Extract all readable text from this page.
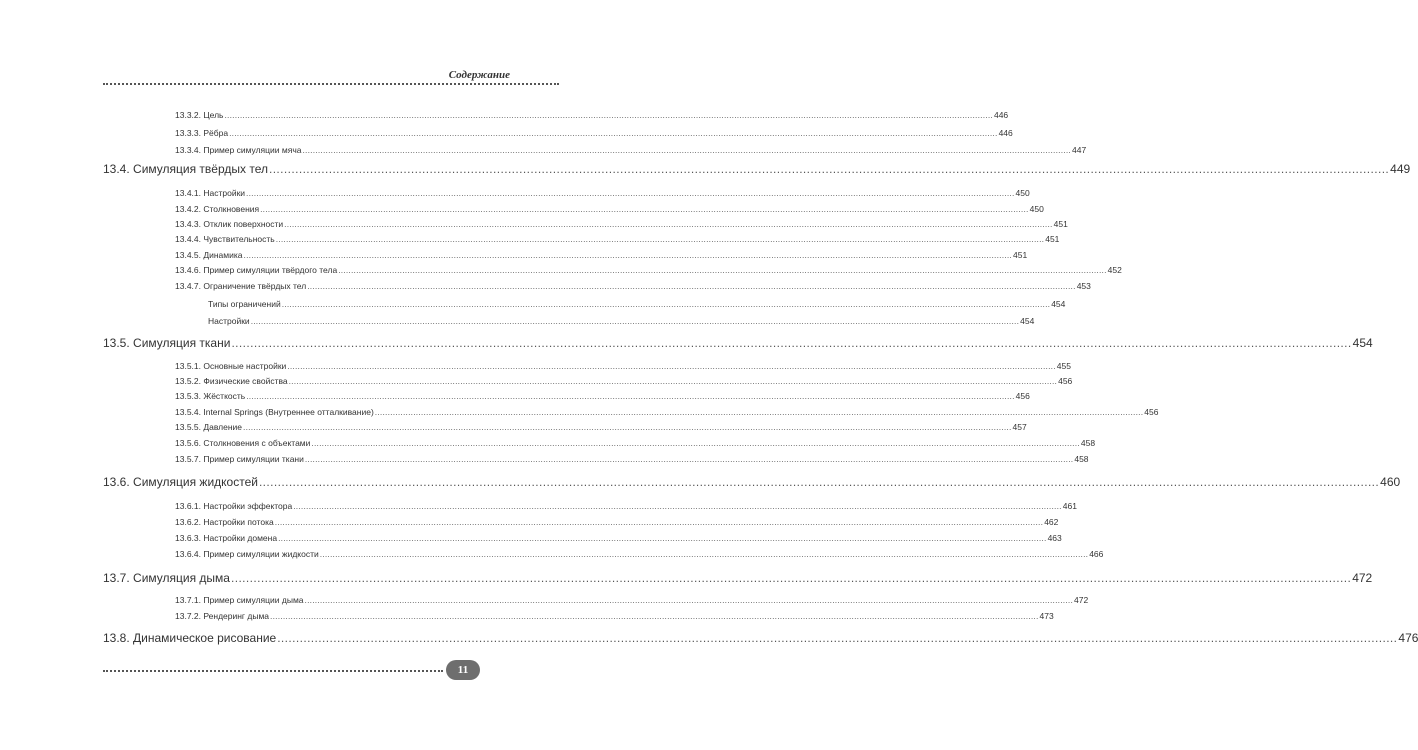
Содержание
13.3.2. Цель ............................................................................................................................................................................................................................................................................................................ 446
13.3.3. Рёбра ............................................................................................................................................................................................................................................................................................................ 446
13.3.4. Пример симуляции мяча ............................................................................................................................................................................................................................................................................................................ 447
13.4. Симуляция твёрдых тел ............................................................................................................................................................................................................................................................................................................ 449
13.4.1. Настройки ............................................................................................................................................................................................................................................................................................................ 450
13.4.2. Столкновения ............................................................................................................................................................................................................................................................................................................ 450
13.4.3. Отклик поверхности ............................................................................................................................................................................................................................................................................................................ 451
13.4.4. Чувствительность ............................................................................................................................................................................................................................................................................................................ 451
13.4.5. Динамика ............................................................................................................................................................................................................................................................................................................ 451
13.4.6. Пример симуляции твёрдого тела ............................................................................................................................................................................................................................................................................................................ 452
13.4.7. Ограничение твёрдых тел ............................................................................................................................................................................................................................................................................................................ 453
Типы ограничений ............................................................................................................................................................................................................................................................................................................ 454
Настройки ............................................................................................................................................................................................................................................................................................................ 454
13.5. Симуляция ткани ............................................................................................................................................................................................................................................................................................................ 454
13.5.1. Основные настройки ............................................................................................................................................................................................................................................................................................................ 455
13.5.2. Физические свойства ............................................................................................................................................................................................................................................................................................................ 456
13.5.3. Жёсткость ............................................................................................................................................................................................................................................................................................................ 456
13.5.4. Internal Springs (Внутреннее отталкивание) ............................................................................................................................................................................................................................................................................................................ 456
13.5.5. Давление ............................................................................................................................................................................................................................................................................................................ 457
13.5.6. Столкновения с объектами ............................................................................................................................................................................................................................................................................................................ 458
13.5.7. Пример симуляции ткани ............................................................................................................................................................................................................................................................................................................ 458
13.6. Симуляция жидкостей ............................................................................................................................................................................................................................................................................................................ 460
13.6.1. Настройки эффектора ............................................................................................................................................................................................................................................................................................................ 461
13.6.2. Настройки потока ............................................................................................................................................................................................................................................................................................................ 462
13.6.3. Настройки домена ............................................................................................................................................................................................................................................................................................................ 463
13.6.4. Пример симуляции жидкости ............................................................................................................................................................................................................................................................................................................ 466
13.7. Симуляция дыма ............................................................................................................................................................................................................................................................................................................ 472
13.7.1. Пример симуляции дыма ............................................................................................................................................................................................................................................................................................................ 472
13.7.2. Рендеринг дыма ............................................................................................................................................................................................................................................................................................................ 473
13.8. Динамическое рисование ............................................................................................................................................................................................................................................................................................................ 476
11
